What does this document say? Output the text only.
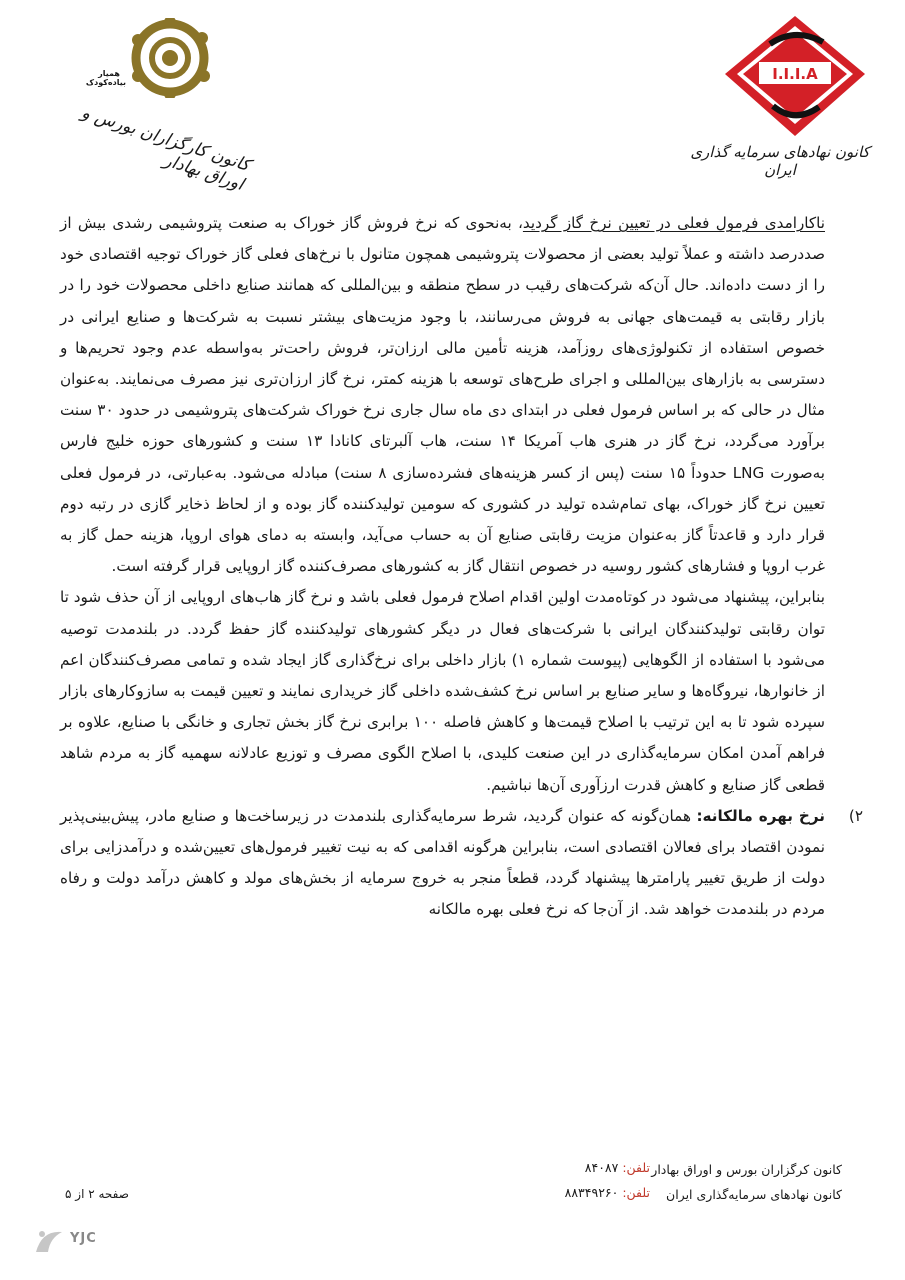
I.I.I.A
کانون نهادهای سرمایه گذاری ایران
همیار بیاده‌کودک
کانون کارگزاران بورس و اوراق بهادار

ناکارامدی فرمول فعلی در تعیین نرخ گاز گردید، به‌نحوی که نرخ فروش گاز خوراک به صنعت پتروشیمی رشدی بیش از صددرصد داشته و عملاً تولید بعضی از محصولات پتروشیمی همچون متانول با نرخ‌های فعلی گاز خوراک توجیه اقتصادی خود را از دست داده‌اند. حال آن‌که شرکت‌های رقیب در سطح منطقه و بین‌المللی که همانند صنایع داخلی محصولات خود را در بازار رقابتی به قیمت‌های جهانی به فروش می‌رسانند، با وجود مزیت‌های بیشتر نسبت به شرکت‌ها و صنایع ایرانی در خصوص استفاده از تکنولوژی‌های روزآمد، هزینه تأمین مالی ارزان‌تر، فروش راحت‌تر به‌واسطه عدم وجود تحریم‌ها و دسترسی به بازارهای بین‌المللی و اجرای طرح‌های توسعه با هزینه کمتر، نرخ گاز ارزان‌تری نیز مصرف می‌نمایند. به‌عنوان مثال در حالی که بر اساس فرمول فعلی در ابتدای دی ماه سال جاری نرخ خوراک شرکت‌های پتروشیمی در حدود ۳۰ سنت برآورد می‌گردد، نرخ گاز در هنری هاب آمریکا ۱۴ سنت، هاب آلبرتای کانادا ۱۳ سنت و کشورهای حوزه خلیج فارس به‌صورت LNG حدوداً ۱۵ سنت (پس از کسر هزینه‌های فشرده‌سازی ۸ سنت) مبادله می‌شود. به‌عبارتی، در فرمول فعلی تعیین نرخ گاز خوراک، بهای تمام‌شده تولید در کشوری که سومین تولیدکننده گاز بوده و از لحاظ ذخایر گازی در رتبه دوم قرار دارد و قاعدتاً گاز به‌عنوان مزیت رقابتی صنایع آن به حساب می‌آید، وابسته به دمای هوای اروپا، هزینه حمل گاز به غرب اروپا و فشارهای کشور روسیه در خصوص انتقال گاز به کشورهای مصرف‌کننده گاز اروپایی قرار گرفته است.

بنابراین، پیشنهاد می‌شود در کوتاه‌مدت اولین اقدام اصلاح فرمول فعلی باشد و نرخ گاز هاب‌های اروپایی از آن حذف شود تا توان رقابتی تولیدکنندگان ایرانی با شرکت‌های فعال در دیگر کشورهای تولیدکننده گاز حفظ گردد. در بلندمدت توصیه می‌شود با استفاده از الگوهایی (پیوست شماره ۱) بازار داخلی برای نرخ‌گذاری گاز ایجاد شده و تمامی مصرف‌کنندگان اعم از خانوارها، نیروگاه‌ها و سایر صنایع بر اساس نرخ کشف‌شده داخلی گاز خریداری نمایند و تعیین قیمت به سازوکارهای بازار سپرده شود تا به این ترتیب با اصلاح قیمت‌ها و کاهش فاصله ۱۰۰ برابری نرخ گاز بخش تجاری و خانگی با صنایع، علاوه بر فراهم آمدن امکان سرمایه‌گذاری در این صنعت کلیدی، با اصلاح الگوی مصرف و توزیع عادلانه سهمیه گاز به مردم شاهد قطعی گاز صنایع و کاهش قدرت ارزآوری آن‌ها نباشیم.

۲)
نرخ بهره مالکانه: همان‌گونه که عنوان گردید، شرط سرمایه‌گذاری بلندمدت در زیرساخت‌ها و صنایع مادر، پیش‌بینی‌پذیر نمودن اقتصاد برای فعالان اقتصادی است، بنابراین هرگونه اقدامی که به نیت تغییر فرمول‌های تعیین‌شده و درآمدزایی برای دولت از طریق تغییر پارامترها پیشنهاد گردد، قطعاً منجر به خروج سرمایه از بخش‌های مولد و کاهش درآمد دولت و رفاه مردم در بلندمدت خواهد شد. از آن‌جا که نرخ فعلی بهره مالکانه

کانون کرگزاران بورس و اوراق بهادار
کانون نهادهای سرمایه‌گذاری ایران
تلفن: ۸۴۰۸۷
تلفن: ۸۸۳۴۹۲۶۰
صفحه ۲ از ۵
YJC
